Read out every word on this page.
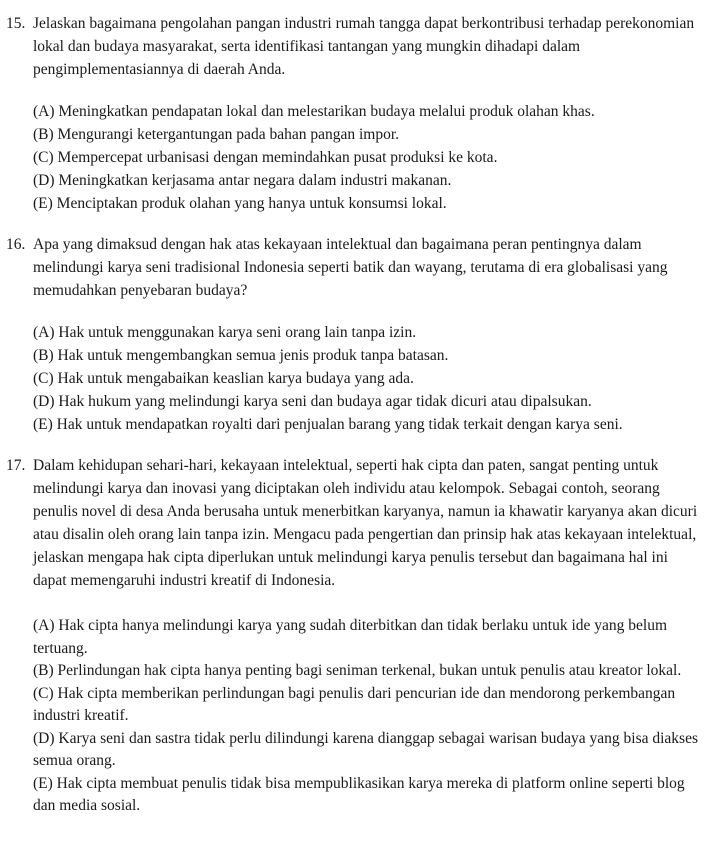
15. Jelaskan bagaimana pengolahan pangan industri rumah tangga dapat berkontribusi terhadap perekonomian lokal dan budaya masyarakat, serta identifikasi tantangan yang mungkin dihadapi dalam pengimplementasiannya di daerah Anda.
(A) Meningkatkan pendapatan lokal dan melestarikan budaya melalui produk olahan khas.
(B) Mengurangi ketergantungan pada bahan pangan impor.
(C) Mempercepat urbanisasi dengan memindahkan pusat produksi ke kota.
(D) Meningkatkan kerjasama antar negara dalam industri makanan.
(E) Menciptakan produk olahan yang hanya untuk konsumsi lokal.
16. Apa yang dimaksud dengan hak atas kekayaan intelektual dan bagaimana peran pentingnya dalam melindungi karya seni tradisional Indonesia seperti batik dan wayang, terutama di era globalisasi yang memudahkan penyebaran budaya?
(A) Hak untuk menggunakan karya seni orang lain tanpa izin.
(B) Hak untuk mengembangkan semua jenis produk tanpa batasan.
(C) Hak untuk mengabaikan keaslian karya budaya yang ada.
(D) Hak hukum yang melindungi karya seni dan budaya agar tidak dicuri atau dipalsukan.
(E) Hak untuk mendapatkan royalti dari penjualan barang yang tidak terkait dengan karya seni.
17. Dalam kehidupan sehari-hari, kekayaan intelektual, seperti hak cipta dan paten, sangat penting untuk melindungi karya dan inovasi yang diciptakan oleh individu atau kelompok. Sebagai contoh, seorang penulis novel di desa Anda berusaha untuk menerbitkan karyanya, namun ia khawatir karyanya akan dicuri atau disalin oleh orang lain tanpa izin. Mengacu pada pengertian dan prinsip hak atas kekayaan intelektual, jelaskan mengapa hak cipta diperlukan untuk melindungi karya penulis tersebut dan bagaimana hal ini dapat memengaruhi industri kreatif di Indonesia.
(A) Hak cipta hanya melindungi karya yang sudah diterbitkan dan tidak berlaku untuk ide yang belum tertuang.
(B) Perlindungan hak cipta hanya penting bagi seniman terkenal, bukan untuk penulis atau kreator lokal.
(C) Hak cipta memberikan perlindungan bagi penulis dari pencurian ide dan mendorong perkembangan industri kreatif.
(D) Karya seni dan sastra tidak perlu dilindungi karena dianggap sebagai warisan budaya yang bisa diakses semua orang.
(E) Hak cipta membuat penulis tidak bisa mempublikasikan karya mereka di platform online seperti blog dan media sosial.
